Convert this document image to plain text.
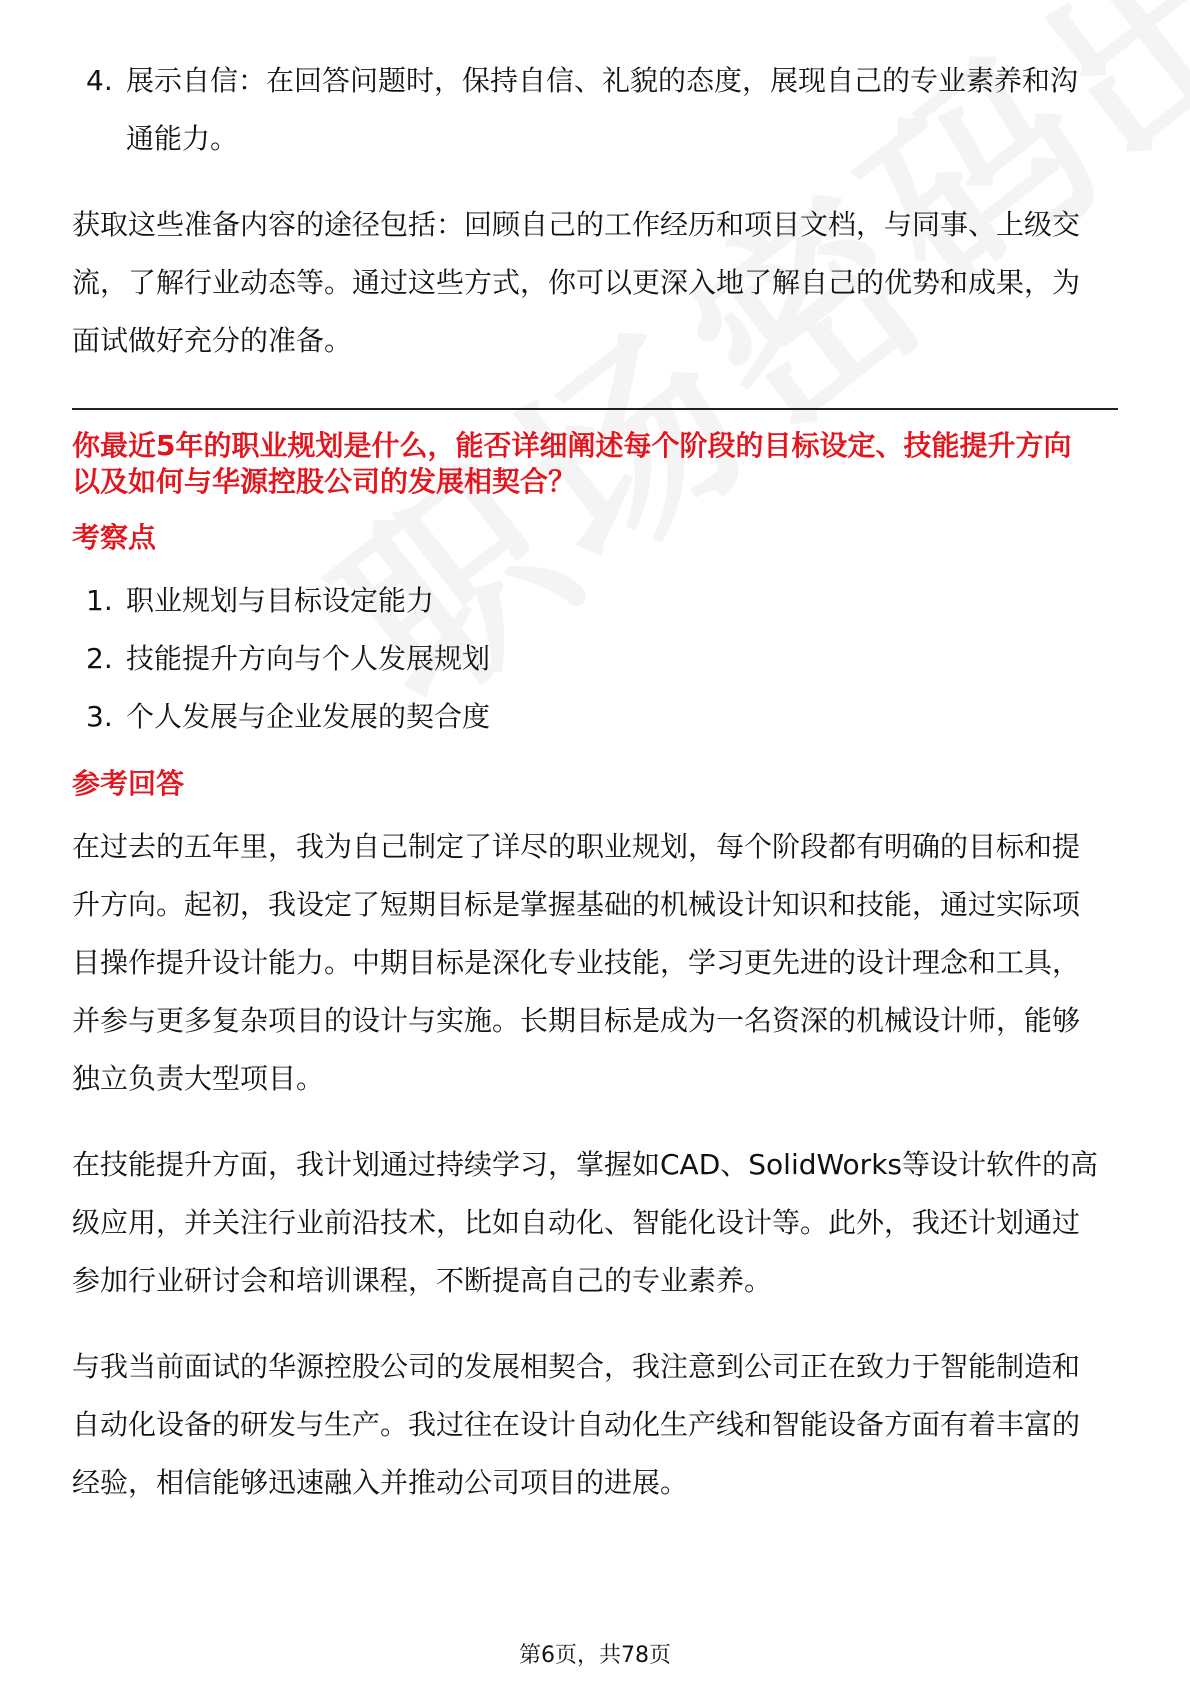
4. 展示自信：在回答问题时，保持自信、礼貌的态度，展现自己的专业素养和沟
通能力。

获取这些准备内容的途径包括：回顾自己的工作经历和项目文档，与同事、上级交

流，了解行业动态等。通过这些方式，你可以更深入地了解自己的优势和成果，为

面试做好充分的准备。

你最近5年的职业规划是什么，能否详细阐述每个阶段的目标设定、技能提升方向
以及如何与华源控股公司的发展相契合？
考察点
1. 职业规划与目标设定能力
2. 技能提升方向与个人发展规划
3. 个人发展与企业发展的契合度
参考回答

在过去的五年里，我为自己制定了详尽的职业规划，每个阶段都有明确的目标和提

升方向。起初，我设定了短期目标是掌握基础的机械设计知识和技能，通过实际项

目操作提升设计能力。中期目标是深化专业技能，学习更先进的设计理念和工具，

并参与更多复杂项目的设计与实施。长期目标是成为一名资深的机械设计师，能够

独立负责大型项目。

在技能提升方面，我计划通过持续学习，掌握如CAD、SolidWorks等设计软件的高

级应用，并关注行业前沿技术，比如自动化、智能化设计等。此外，我还计划通过

参加行业研讨会和培训课程，不断提高自己的专业素养。

与我当前面试的华源控股公司的发展相契合，我注意到公司正在致力于智能制造和

自动化设备的研发与生产。我过往在设计自动化生产线和智能设备方面有着丰富的

经验，相信能够迅速融入并推动公司项目的进展。

第6页，共78页
